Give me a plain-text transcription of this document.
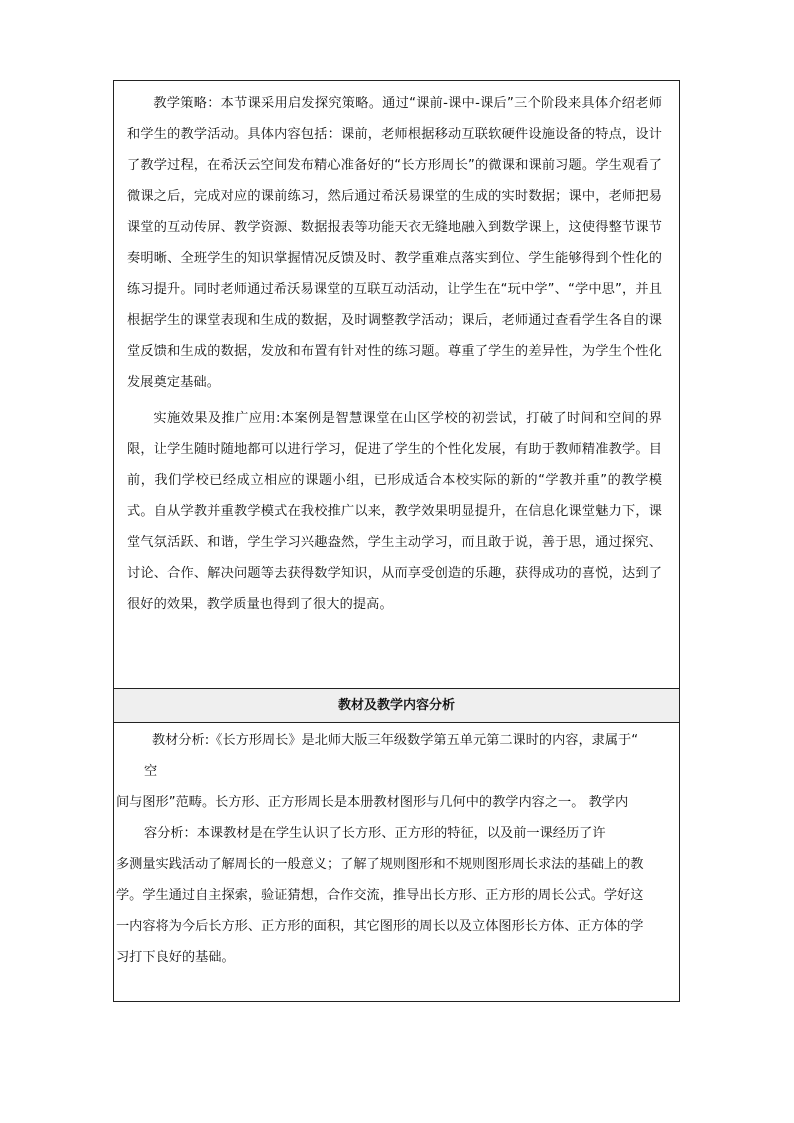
教学策略：本节课采用启发探究策略。通过“课前-课中-课后”三个阶段来具体介绍老师和学生的教学活动。具体内容包括：课前，老师根据移动互联软硬件设施设备的特点，设计了教学过程，在希沃云空间发布精心准备好的“长方形周长”的微课和课前习题。学生观看了微课之后，完成对应的课前练习，然后通过希沃易课堂的生成的实时数据；课中，老师把易课堂的互动传屏、教学资源、数据报表等功能天衣无缝地融入到数学课上，这使得整节课节奏明晰、全班学生的知识掌握情况反馈及时、教学重难点落实到位、学生能够得到个性化的练习提升。同时老师通过希沃易课堂的互联互动活动，让学生在“玩中学”、“学中思”，并且根据学生的课堂表现和生成的数据，及时调整教学活动；课后，老师通过查看学生各自的课堂反馈和生成的数据，发放和布置有针对性的练习题。尊重了学生的差异性，为学生个性化发展奠定基础。

实施效果及推广应用:本案例是智慧课堂在山区学校的初尝试，打破了时间和空间的界限，让学生随时随地都可以进行学习，促进了学生的个性化发展，有助于教师精准教学。目前，我们学校已经成立相应的课题小组，已形成适合本校实际的新的“学教并重”的教学模式。自从学教并重教学模式在我校推广以来，教学效果明显提升，在信息化课堂魅力下，课堂气氛活跃、和谐，学生学习兴趣盎然，学生主动学习，而且敢于说，善于思，通过探究、讨论、合作、解决问题等去获得数学知识，从而享受创造的乐趣，获得成功的喜悦，达到了很好的效果，教学质量也得到了很大的提高。

教材及教学内容分析

教材分析:《长方形周长》是北师大版三年级数学第五单元第二课时的内容，隶属于“

空

间与图形”范畴。长方形、正方形周长是本册教材图形与几何中的教学内容之一。 教学内

容分析：本课教材是在学生认识了长方形、正方形的特征，以及前一课经历了许

多测量实践活动了解周长的一般意义；了解了规则图形和不规则图形周长求法的基础上的教

学。学生通过自主探索，验证猜想，合作交流，推导出长方形、正方形的周长公式。学好这

一内容将为今后长方形、正方形的面积，其它图形的周长以及立体图形长方体、正方体的学

习打下良好的基础。
